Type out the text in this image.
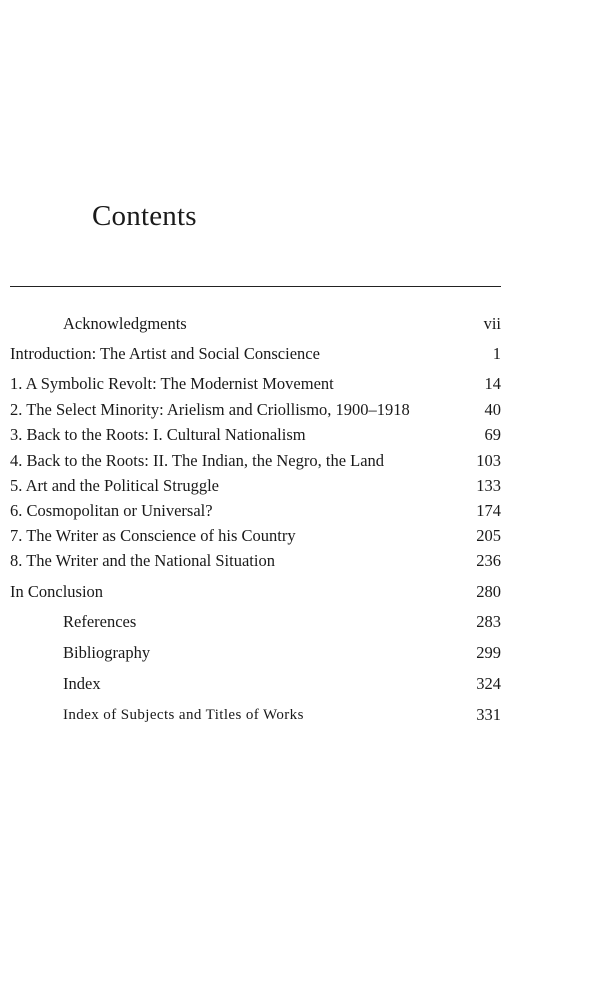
Contents
Acknowledgments	vii
Introduction: The Artist and Social Conscience	1
1. A Symbolic Revolt: The Modernist Movement	14
2. The Select Minority: Arielism and Criollismo, 1900–1918	40
3. Back to the Roots: I. Cultural Nationalism	69
4. Back to the Roots: II. The Indian, the Negro, the Land	103
5. Art and the Political Struggle	133
6. Cosmopolitan or Universal?	174
7. The Writer as Conscience of his Country	205
8. The Writer and the National Situation	236
In Conclusion	280
References	283
Bibliography	299
Index	324
Index of Subjects and Titles of Works	331
